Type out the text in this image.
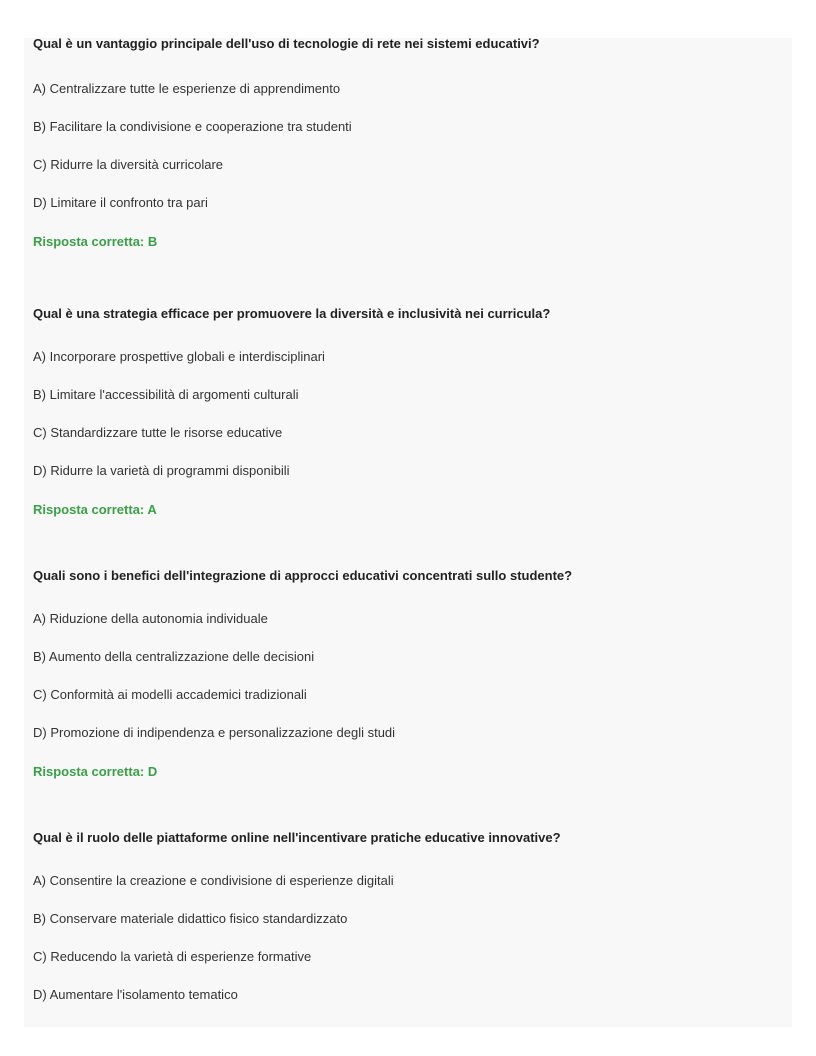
Qual è un vantaggio principale dell'uso di tecnologie di rete nei sistemi educativi?

A) Centralizzare tutte le esperienze di apprendimento

B) Facilitare la condivisione e cooperazione tra studenti

C) Ridurre la diversità curricolare

D) Limitare il confronto tra pari

Risposta corretta: B

Qual è una strategia efficace per promuovere la diversità e inclusività nei curricula?

A) Incorporare prospettive globali e interdisciplinari

B) Limitare l'accessibilità di argomenti culturali

C) Standardizzare tutte le risorse educative

D) Ridurre la varietà di programmi disponibili

Risposta corretta: A

Quali sono i benefici dell'integrazione di approcci educativi concentrati sullo studente?

A) Riduzione della autonomia individuale

B) Aumento della centralizzazione delle decisioni

C) Conformità ai modelli accademici tradizionali

D) Promozione di indipendenza e personalizzazione degli studi

Risposta corretta: D

Qual è il ruolo delle piattaforme online nell'incentivare pratiche educative innovative?

A) Consentire la creazione e condivisione di esperienze digitali

B) Conservare materiale didattico fisico standardizzato

C) Reducendo la varietà di esperienze formative

D) Aumentare l'isolamento tematico
